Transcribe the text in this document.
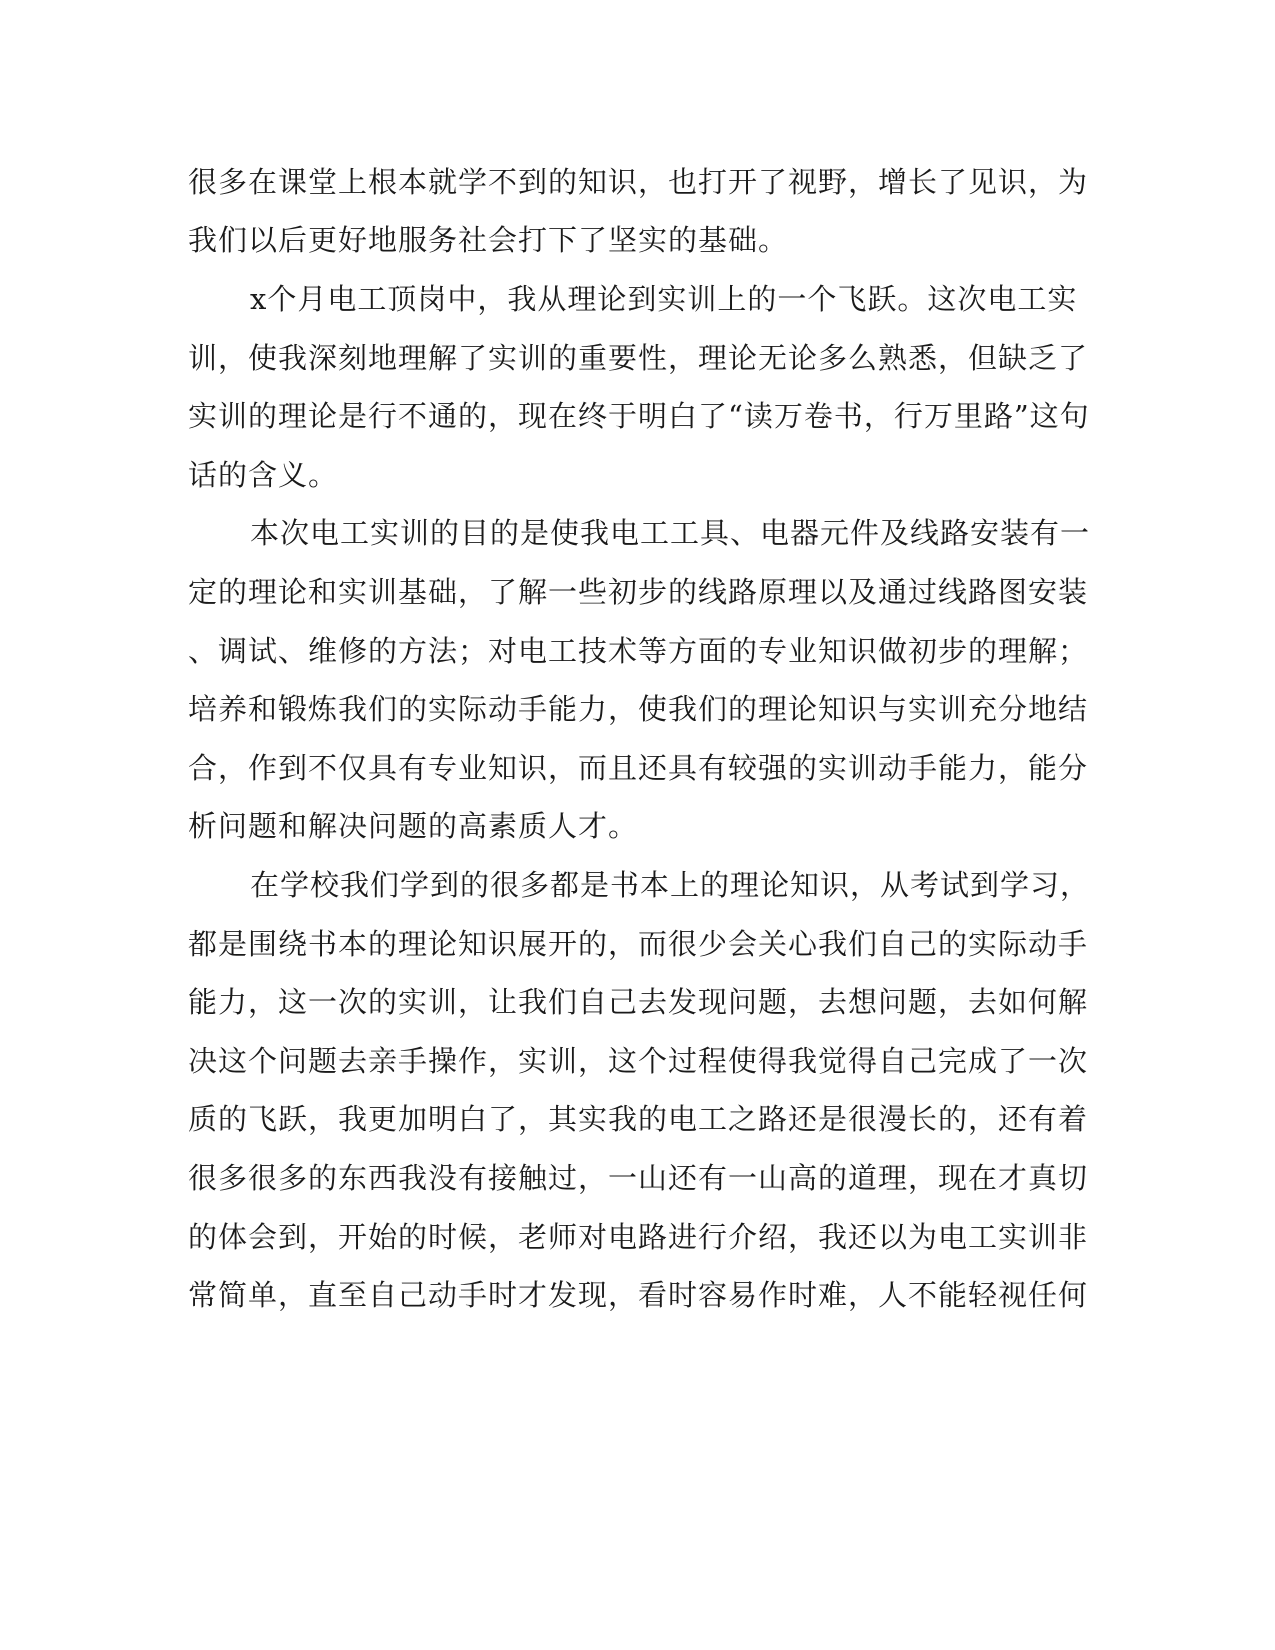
很多在课堂上根本就学不到的知识，也打开了视野，增长了见识，为
我们以后更好地服务社会打下了坚实的基础。
x个月电工顶岗中，我从理论到实训上的一个飞跃。这次电工实
训，使我深刻地理解了实训的重要性，理论无论多么熟悉，但缺乏了
实训的理论是行不通的，现在终于明白了“读万卷书，行万里路”这句
话的含义。
本次电工实训的目的是使我电工工具、电器元件及线路安装有一
定的理论和实训基础，了解一些初步的线路原理以及通过线路图安装
、调试、维修的方法；对电工技术等方面的专业知识做初步的理解；
培养和锻炼我们的实际动手能力，使我们的理论知识与实训充分地结
合，作到不仅具有专业知识，而且还具有较强的实训动手能力，能分
析问题和解决问题的高素质人才。
在学校我们学到的很多都是书本上的理论知识，从考试到学习，
都是围绕书本的理论知识展开的，而很少会关心我们自己的实际动手
能力，这一次的实训，让我们自己去发现问题，去想问题，去如何解
决这个问题去亲手操作，实训，这个过程使得我觉得自己完成了一次
质的飞跃，我更加明白了，其实我的电工之路还是很漫长的，还有着
很多很多的东西我没有接触过，一山还有一山高的道理，现在才真切
的体会到，开始的时候，老师对电路进行介绍，我还以为电工实训非
常简单，直至自己动手时才发现，看时容易作时难，人不能轻视任何
